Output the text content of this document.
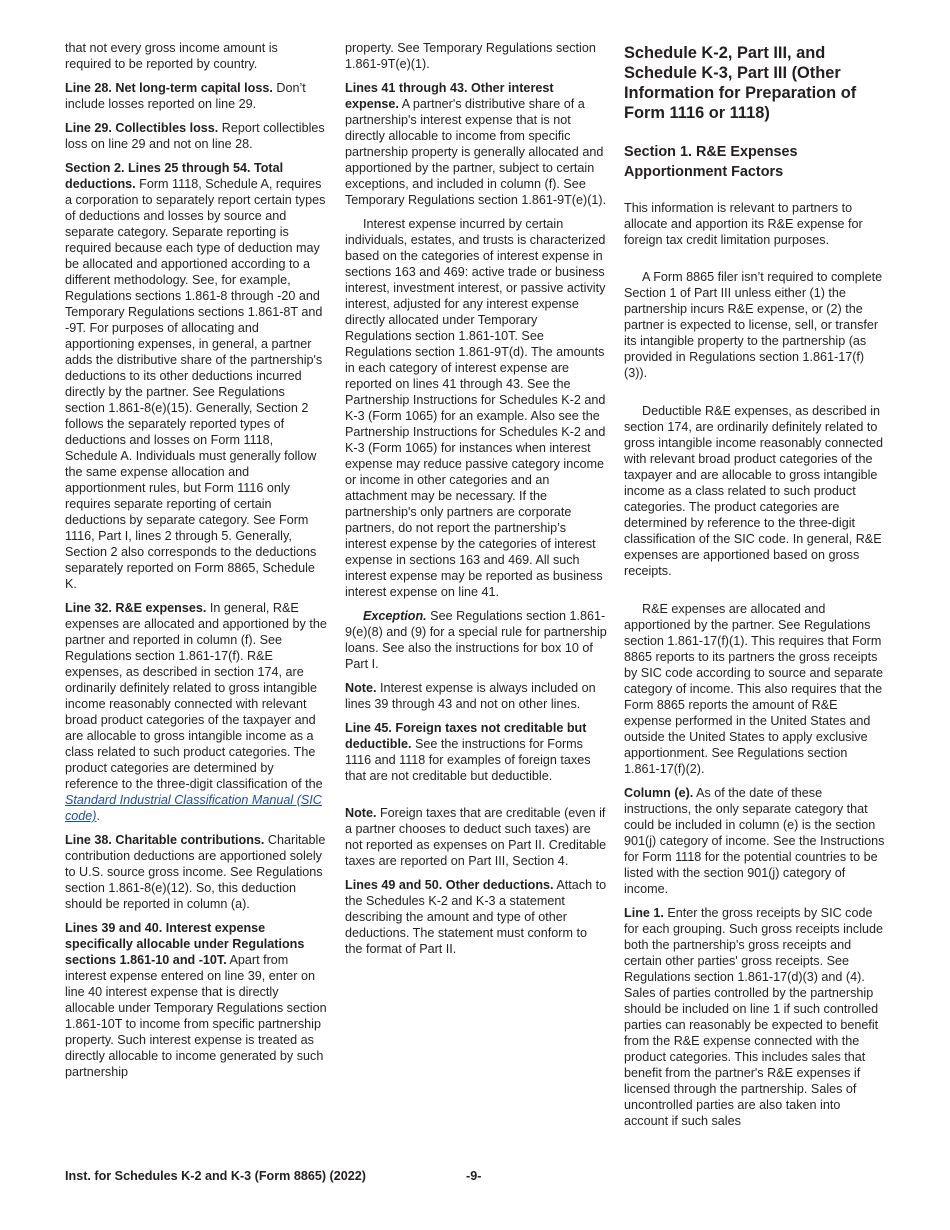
that not every gross income amount is required to be reported by country.

Line 28. Net long-term capital loss. Don’t include losses reported on line 29.

Line 29. Collectibles loss. Report collectibles loss on line 29 and not on line 28.

Section 2. Lines 25 through 54. Total deductions. Form 1118, Schedule A, requires a corporation to separately report certain types of deductions and losses by source and separate category. Separate reporting is required because each type of deduction may be allocated and apportioned according to a different methodology. See, for example, Regulations sections 1.861-8 through -20 and Temporary Regulations sections 1.861-8T and -9T. For purposes of allocating and apportioning expenses, in general, a partner adds the distributive share of the partnership's deductions to its other deductions incurred directly by the partner. See Regulations section 1.861-8(e)(15). Generally, Section 2 follows the separately reported types of deductions and losses on Form 1118, Schedule A. Individuals must generally follow the same expense allocation and apportionment rules, but Form 1116 only requires separate reporting of certain deductions by separate category. See Form 1116, Part I, lines 2 through 5. Generally, Section 2 also corresponds to the deductions separately reported on Form 8865, Schedule K.

Line 32. R&E expenses. In general, R&E expenses are allocated and apportioned by the partner and reported in column (f). See Regulations section 1.861-17(f). R&E expenses, as described in section 174, are ordinarily definitely related to gross intangible income reasonably connected with relevant broad product categories of the taxpayer and are allocable to gross intangible income as a class related to such product categories. The product categories are determined by reference to the three-digit classification of the Standard Industrial Classification Manual (SIC code).

Line 38. Charitable contributions. Charitable contribution deductions are apportioned solely to U.S. source gross income. See Regulations section 1.861-8(e)(12). So, this deduction should be reported in column (a).

Lines 39 and 40. Interest expense specifically allocable under Regulations sections 1.861-10 and -10T. Apart from interest expense entered on line 39, enter on line 40 interest expense that is directly allocable under Temporary Regulations section 1.861-10T to income from specific partnership property. Such interest expense is treated as directly allocable to income generated by such partnership

property. See Temporary Regulations section 1.861-9T(e)(1).

Lines 41 through 43. Other interest expense. A partner's distributive share of a partnership's interest expense that is not directly allocable to income from specific partnership property is generally allocated and apportioned by the partner, subject to certain exceptions, and included in column (f). See Temporary Regulations section 1.861-9T(e)(1).

Interest expense incurred by certain individuals, estates, and trusts is characterized based on the categories of interest expense in sections 163 and 469: active trade or business interest, investment interest, or passive activity interest, adjusted for any interest expense directly allocated under Temporary Regulations section 1.861-10T. See Regulations section 1.861-9T(d). The amounts in each category of interest expense are reported on lines 41 through 43. See the Partnership Instructions for Schedules K-2 and K-3 (Form 1065) for an example. Also see the Partnership Instructions for Schedules K-2 and K-3 (Form 1065) for instances when interest expense may reduce passive category income or income in other categories and an attachment may be necessary. If the partnership's only partners are corporate partners, do not report the partnership’s interest expense by the categories of interest expense in sections 163 and 469. All such interest expense may be reported as business interest expense on line 41.

Exception. See Regulations section 1.861-9(e)(8) and (9) for a special rule for partnership loans. See also the instructions for box 10 of Part I.

Note. Interest expense is always included on lines 39 through 43 and not on other lines.

Line 45. Foreign taxes not creditable but deductible. See the instructions for Forms 1116 and 1118 for examples of foreign taxes that are not creditable but deductible.

Note. Foreign taxes that are creditable (even if a partner chooses to deduct such taxes) are not reported as expenses on Part II. Creditable taxes are reported on Part III, Section 4.

Lines 49 and 50. Other deductions. Attach to the Schedules K-2 and K-3 a statement describing the amount and type of other deductions. The statement must conform to the format of Part II.

Schedule K-2, Part III, and Schedule K-3, Part III (Other Information for Preparation of Form 1116 or 1118)
Section 1. R&E Expenses Apportionment Factors

This information is relevant to partners to allocate and apportion its R&E expense for foreign tax credit limitation purposes.

A Form 8865 filer isn’t required to complete Section 1 of Part III unless either (1) the partnership incurs R&E expense, or (2) the partner is expected to license, sell, or transfer its intangible property to the partnership (as provided in Regulations section 1.861-17(f)(3)).

Deductible R&E expenses, as described in section 174, are ordinarily definitely related to gross intangible income reasonably connected with relevant broad product categories of the taxpayer and are allocable to gross intangible income as a class related to such product categories. The product categories are determined by reference to the three-digit classification of the SIC code. In general, R&E expenses are apportioned based on gross receipts.

R&E expenses are allocated and apportioned by the partner. See Regulations section 1.861-17(f)(1). This requires that Form 8865 reports to its partners the gross receipts by SIC code according to source and separate category of income. This also requires that the Form 8865 reports the amount of R&E expense performed in the United States and outside the United States to apply exclusive apportionment. See Regulations section 1.861-17(f)(2).

Column (e). As of the date of these instructions, the only separate category that could be included in column (e) is the section 901(j) category of income. See the Instructions for Form 1118 for the potential countries to be listed with the section 901(j) category of income.

Line 1. Enter the gross receipts by SIC code for each grouping. Such gross receipts include both the partnership's gross receipts and certain other parties' gross receipts. See Regulations section 1.861-17(d)(3) and (4). Sales of parties controlled by the partnership should be included on line 1 if such controlled parties can reasonably be expected to benefit from the R&E expense connected with the product categories. This includes sales that benefit from the partner's R&E expenses if licensed through the partnership. Sales of uncontrolled parties are also taken into account if such sales

Inst. for Schedules K-2 and K-3 (Form 8865) (2022)	-9-
